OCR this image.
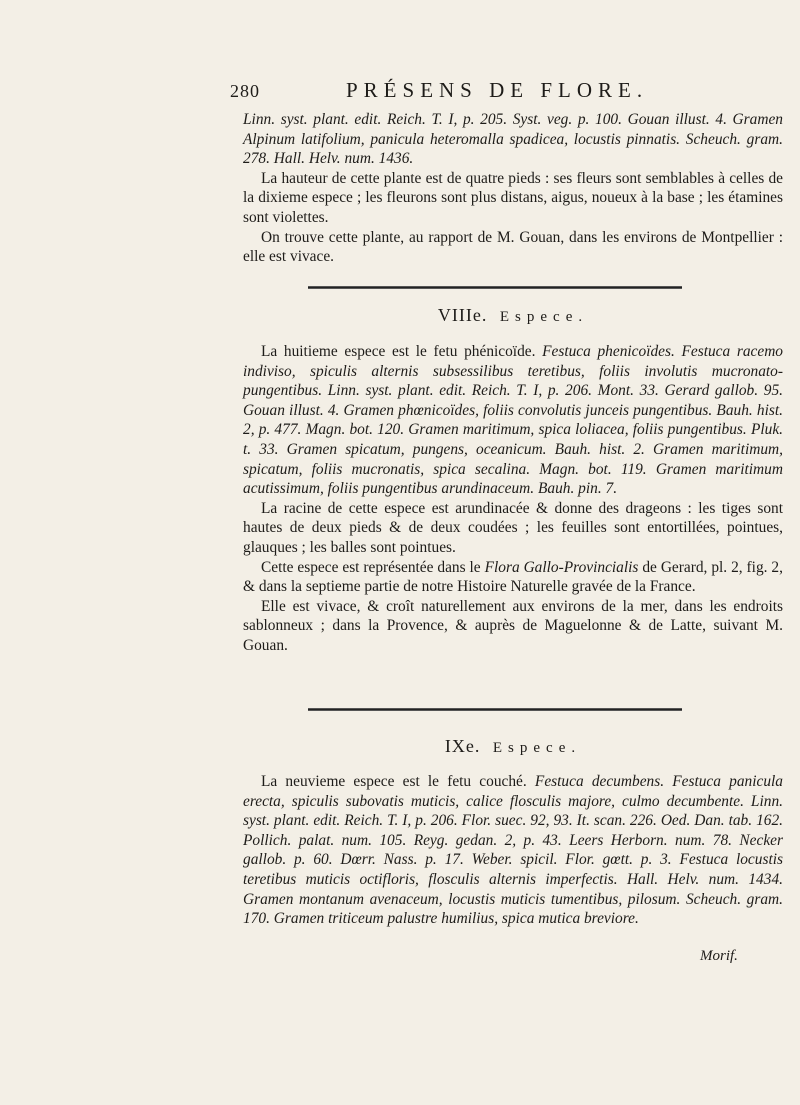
280	PRÉSENS DE FLORE.

Linn. syst. plant. edit. Reich. T. I, p. 205. Syst. veg. p. 100. Gouan illust. 4. Gramen Alpinum latifolium, panicula heteromalla spadicea, locustis pinnatis. Scheuch. gram. 278. Hall. Helv. num. 1436.

La hauteur de cette plante est de quatre pieds : ses fleurs sont semblables à celles de la dixieme espece ; les fleurons sont plus distans, aigus, noueux à la base ; les étamines sont violettes.

On trouve cette plante, au rapport de M. Gouan, dans les environs de Montpellier : elle est vivace.

VIIIe. Espece.

La huitieme espece est le fetu phénicoïde. Festuca phenicoïdes. Festuca racemo indiviso, spiculis alternis subsessilibus teretibus, foliis involutis mucronato-pungentibus. Linn. syst. plant. edit. Reich. T. I, p. 206. Mont. 33. Gerard gallob. 95. Gouan illust. 4. Gramen phœnicoïdes, foliis convolutis junceis pungentibus. Bauh. hist. 2, p. 477. Magn. bot. 120. Gramen maritimum, spica loliacea, foliis pungentibus. Pluk. t. 33. Gramen spicatum, pungens, oceanicum. Bauh. hist. 2. Gramen maritimum, spicatum, foliis mucronatis, spica secalina. Magn. bot. 119. Gramen maritimum acutissimum, foliis pungentibus arundinaceum. Bauh. pin. 7.

La racine de cette espece est arundinacée & donne des drageons : les tiges sont hautes de deux pieds & de deux coudées ; les feuilles sont entortillées, pointues, glauques ; les balles sont pointues.

Cette espece est représentée dans le Flora Gallo-Provincialis de Gerard, pl. 2, fig. 2, & dans la septieme partie de notre Histoire Naturelle gravée de la France.

Elle est vivace, & croît naturellement aux environs de la mer, dans les endroits sablonneux ; dans la Provence, & auprès de Maguelonne & de Latte, suivant M. Gouan.

IXe. Espece.

La neuvieme espece est le fetu couché. Festuca decumbens. Festuca panicula erecta, spiculis subovatis muticis, calice flosculis majore, culmo decumbente. Linn. syst. plant. edit. Reich. T. I, p. 206. Flor. suec. 92, 93. It. scan. 226. Oed. Dan. tab. 162. Pollich. palat. num. 105. Reyg. gedan. 2, p. 43. Leers Herborn. num. 78. Necker gallob. p. 60. Dœrr. Nass. p. 17. Weber. spicil. Flor. gœtt. p. 3. Festuca locustis teretibus muticis octifloris, flosculis alternis imperfectis. Hall. Helv. num. 1434. Gramen montanum avenaceum, locustis muticis tumentibus, pilosum. Scheuch. gram. 170. Gramen triticeum palustre humilius, spica mutica breviore.

Morif.
